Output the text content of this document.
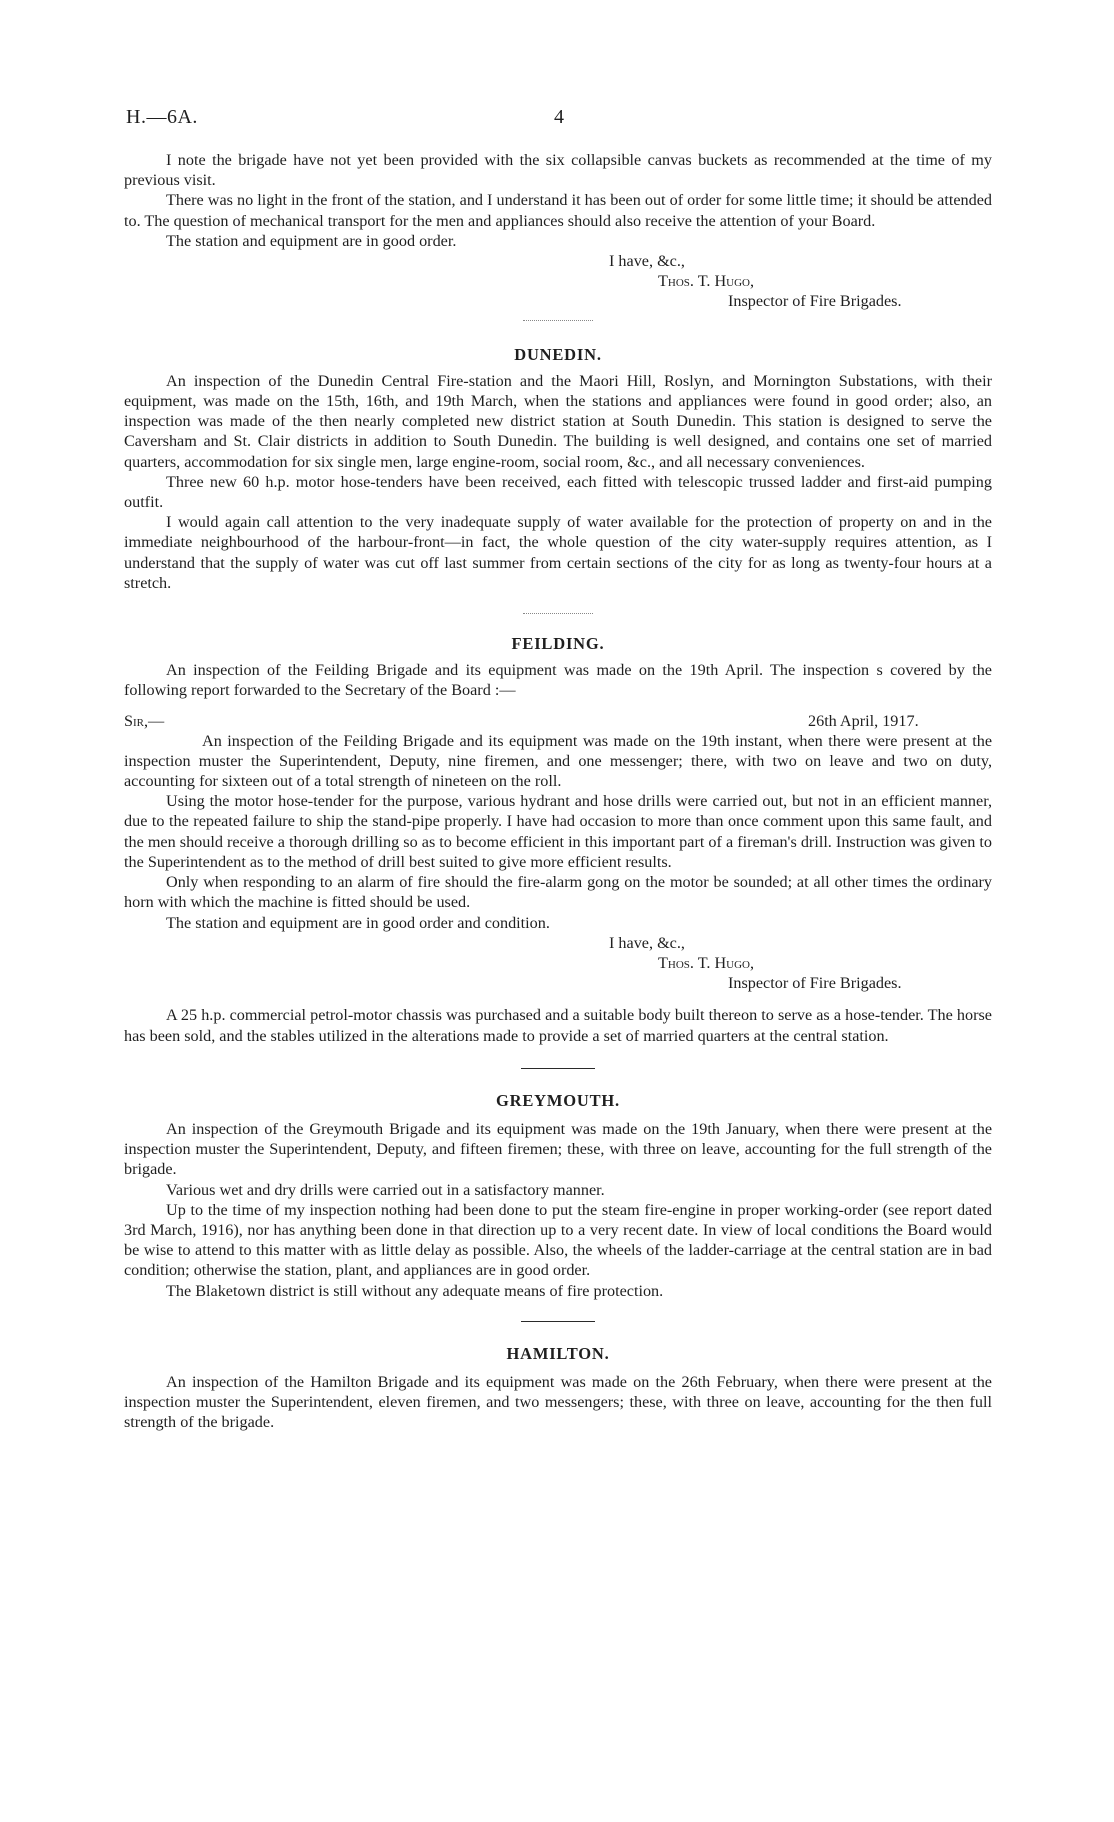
H.—6A.	4

I note the brigade have not yet been provided with the six collapsible canvas buckets as recommended at the time of my previous visit.

There was no light in the front of the station, and I understand it has been out of order for some little time; it should be attended to. The question of mechanical transport for the men and appliances should also receive the attention of your Board.

The station and equipment are in good order.

I have, &c.,

Thos. T. Hugo,

Inspector of Fire Brigades.

DUNEDIN.

An inspection of the Dunedin Central Fire-station and the Maori Hill, Roslyn, and Mornington Substations, with their equipment, was made on the 15th, 16th, and 19th March, when the stations and appliances were found in good order; also, an inspection was made of the then nearly completed new district station at South Dunedin. This station is designed to serve the Caversham and St. Clair districts in addition to South Dunedin. The building is well designed, and contains one set of married quarters, accommodation for six single men, large engine-room, social room, &c., and all necessary conveniences.

Three new 60 h.p. motor hose-tenders have been received, each fitted with telescopic trussed ladder and first-aid pumping outfit.

I would again call attention to the very inadequate supply of water available for the protection of property on and in the immediate neighbourhood of the harbour-front—in fact, the whole question of the city water-supply requires attention, as I understand that the supply of water was cut off last summer from certain sections of the city for as long as twenty-four hours at a stretch.

FEILDING.

An inspection of the Feilding Brigade and its equipment was made on the 19th April. The inspection s covered by the following report forwarded to the Secretary of the Board :—

Sir,—	26th April, 1917.

An inspection of the Feilding Brigade and its equipment was made on the 19th instant, when there were present at the inspection muster the Superintendent, Deputy, nine firemen, and one messenger; there, with two on leave and two on duty, accounting for sixteen out of a total strength of nineteen on the roll.

Using the motor hose-tender for the purpose, various hydrant and hose drills were carried out, but not in an efficient manner, due to the repeated failure to ship the stand-pipe properly. I have had occasion to more than once comment upon this same fault, and the men should receive a thorough drilling so as to become efficient in this important part of a fireman's drill. Instruction was given to the Superintendent as to the method of drill best suited to give more efficient results.

Only when responding to an alarm of fire should the fire-alarm gong on the motor be sounded; at all other times the ordinary horn with which the machine is fitted should be used.

The station and equipment are in good order and condition.

I have, &c.,

Thos. T. Hugo,

Inspector of Fire Brigades.

A 25 h.p. commercial petrol-motor chassis was purchased and a suitable body built thereon to serve as a hose-tender. The horse has been sold, and the stables utilized in the alterations made to provide a set of married quarters at the central station.

GREYMOUTH.

An inspection of the Greymouth Brigade and its equipment was made on the 19th January, when there were present at the inspection muster the Superintendent, Deputy, and fifteen firemen; these, with three on leave, accounting for the full strength of the brigade.

Various wet and dry drills were carried out in a satisfactory manner.

Up to the time of my inspection nothing had been done to put the steam fire-engine in proper working-order (see report dated 3rd March, 1916), nor has anything been done in that direction up to a very recent date. In view of local conditions the Board would be wise to attend to this matter with as little delay as possible. Also, the wheels of the ladder-carriage at the central station are in bad condition; otherwise the station, plant, and appliances are in good order.

The Blaketown district is still without any adequate means of fire protection.

HAMILTON.

An inspection of the Hamilton Brigade and its equipment was made on the 26th February, when there were present at the inspection muster the Superintendent, eleven firemen, and two messengers; these, with three on leave, accounting for the then full strength of the brigade.
